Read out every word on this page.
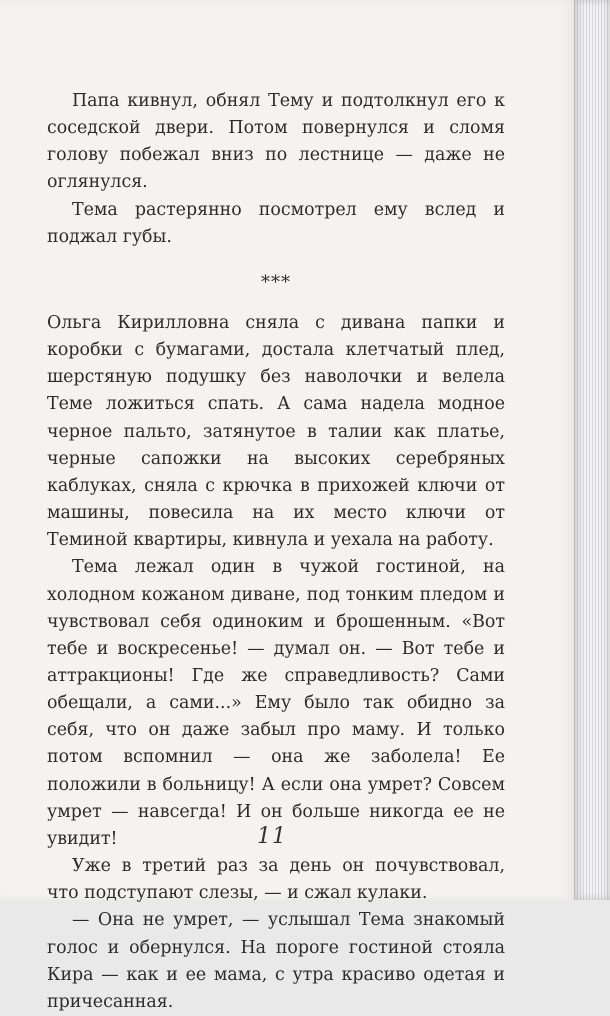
Папа кивнул, обнял Тему и подтолкнул его к соседской двери. Потом повернулся и сломя голову побежал вниз по лестнице — даже не оглянулся.

Тема растерянно посмотрел ему вслед и поджал губы.

***

Ольга Кирилловна сняла с дивана папки и коробки с бумагами, достала клетчатый плед, шерстяную подушку без наволочки и велела Теме ложиться спать. А сама надела модное черное пальто, затянутое в талии как платье, черные сапожки на высоких серебряных каблуках, сняла с крючка в прихожей ключи от машины, повесила на их место ключи от Теминой квартиры, кивнула и уехала на работу.

Тема лежал один в чужой гостиной, на холодном кожаном диване, под тонким пледом и чувствовал себя одиноким и брошенным. «Вот тебе и воскресенье! — думал он. — Вот тебе и аттракционы! Где же справедливость? Сами обещали, а сами...» Ему было так обидно за себя, что он даже забыл про маму. И только потом вспомнил — она же заболела! Ее положили в больницу! А если она умрет? Совсем умрет — навсегда! И он больше никогда ее не увидит!

Уже в третий раз за день он почувствовал, что подступают слезы, — и сжал кулаки.

— Она не умрет, — услышал Тема знакомый голос и обернулся. На пороге гостиной стояла Кира — как и ее мама, с утра красиво одетая и причесанная.

11
